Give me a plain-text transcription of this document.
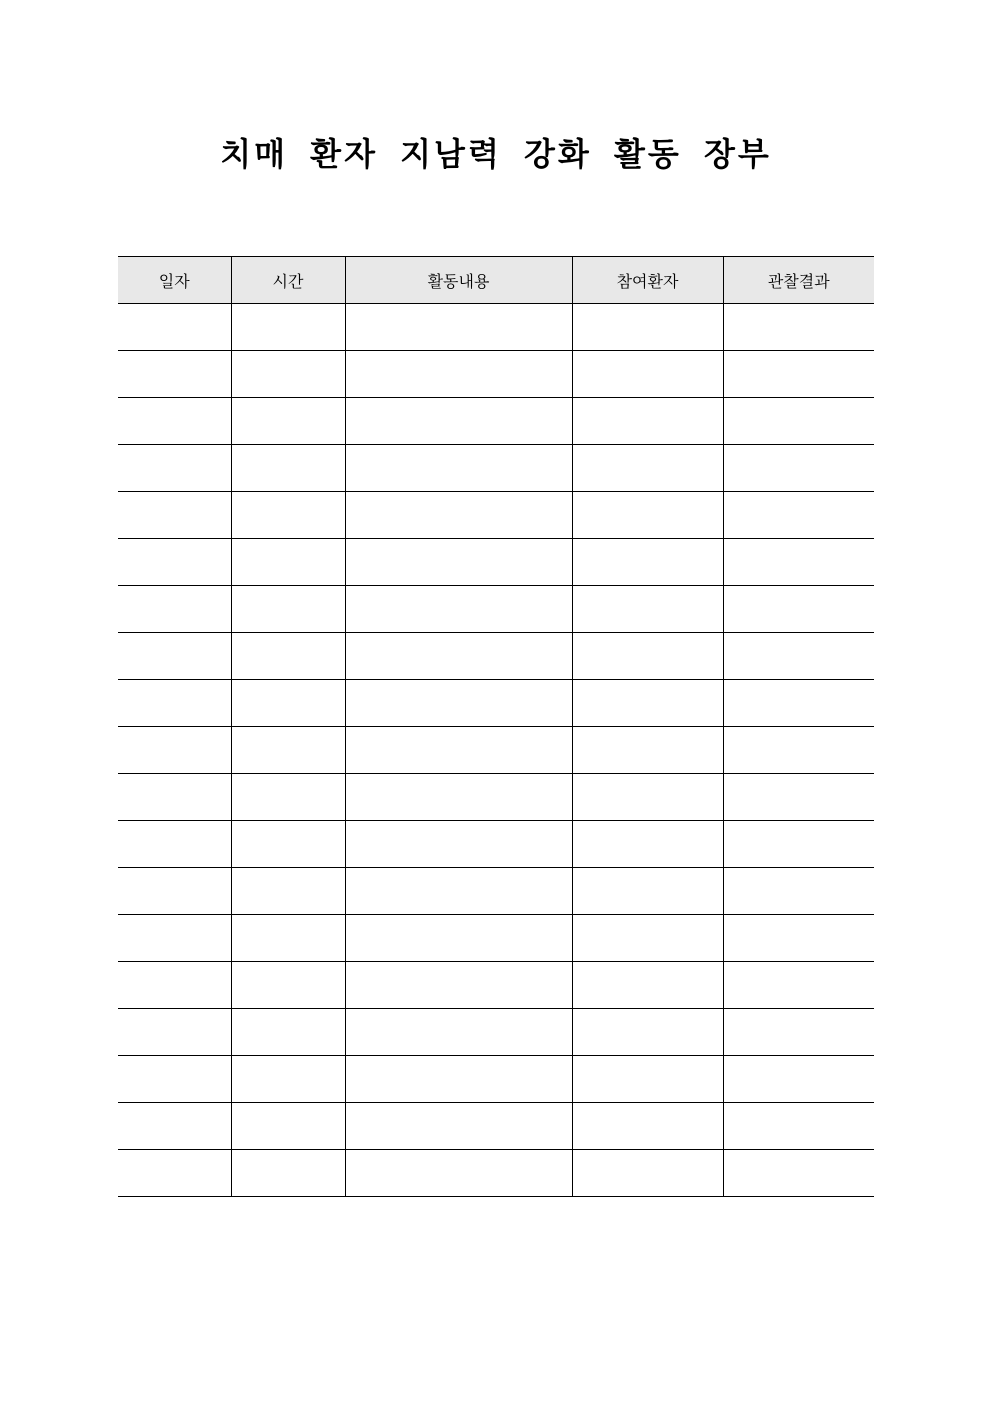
치매 환자 지남력 강화 활동 장부
일자	시간	활동내용	참여환자	관찰결과
